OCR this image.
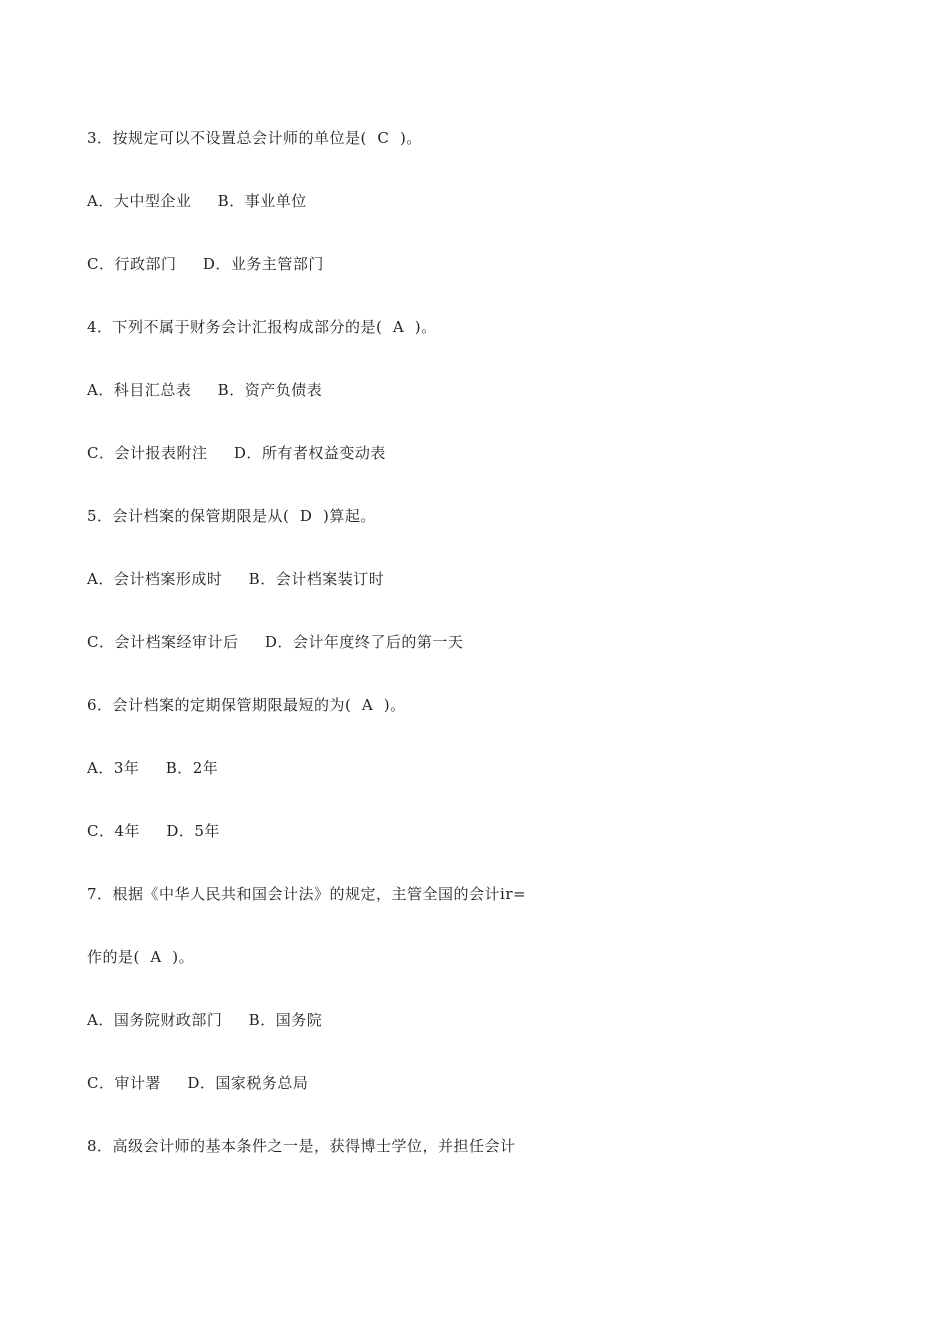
3．按规定可以不设置总会计师的单位是(  C  )。
A．大中型企业     B．事业单位
C．行政部门     D．业务主管部门
4．下列不属于财务会计汇报构成部分的是(  A  )。
A．科目汇总表     B．资产负债表
C．会计报表附注     D．所有者权益变动表
5．会计档案的保管期限是从(  D  )算起。
A．会计档案形成时     B．会计档案装订时
C．会计档案经审计后     D．会计年度终了后的第一天
6．会计档案的定期保管期限最短的为(  A  )。
A．3年     B．2年
C．4年     D．5年
7．根据《中华人民共和国会计法》的规定，主管全国的会计ir=
作的是(  A  )。
A．国务院财政部门     B．国务院
C．审计署     D．国家税务总局
8．高级会计师的基本条件之一是，获得博士学位，并担任会计
